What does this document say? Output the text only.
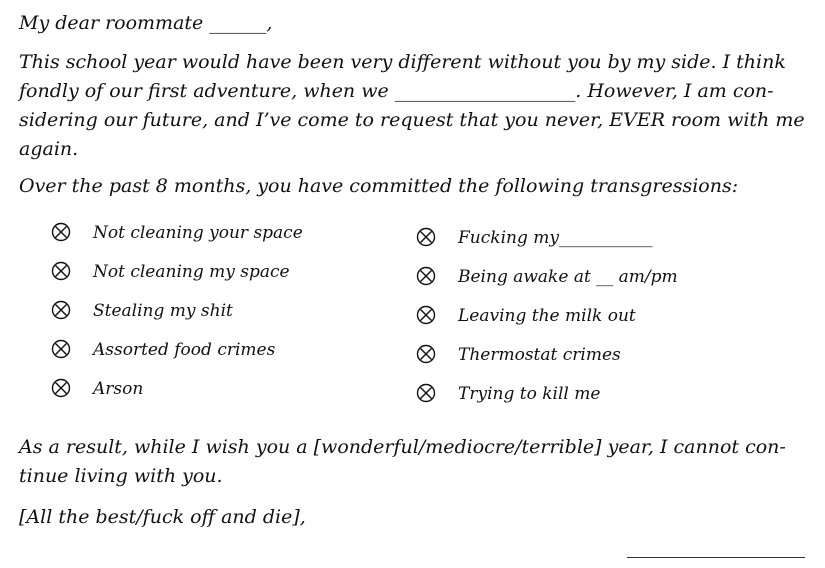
My dear roommate ______,
This school year would have been very different without you by my side. I think
fondly of our first adventure, when we ___________________. However, I am con-
sidering our future, and I’ve come to request that you never, EVER room with me
again.
Over the past 8 months, you have committed the following transgressions:
Not cleaning your space
Not cleaning my space
Stealing my shit
Assorted food crimes
Arson
Fucking my___________
Being awake at __ am/pm
Leaving the milk out
Thermostat crimes
Trying to kill me
As a result, while I wish you a [wonderful/mediocre/terrible] year, I cannot con-
tinue living with you.
[All the best/fuck off and die],
